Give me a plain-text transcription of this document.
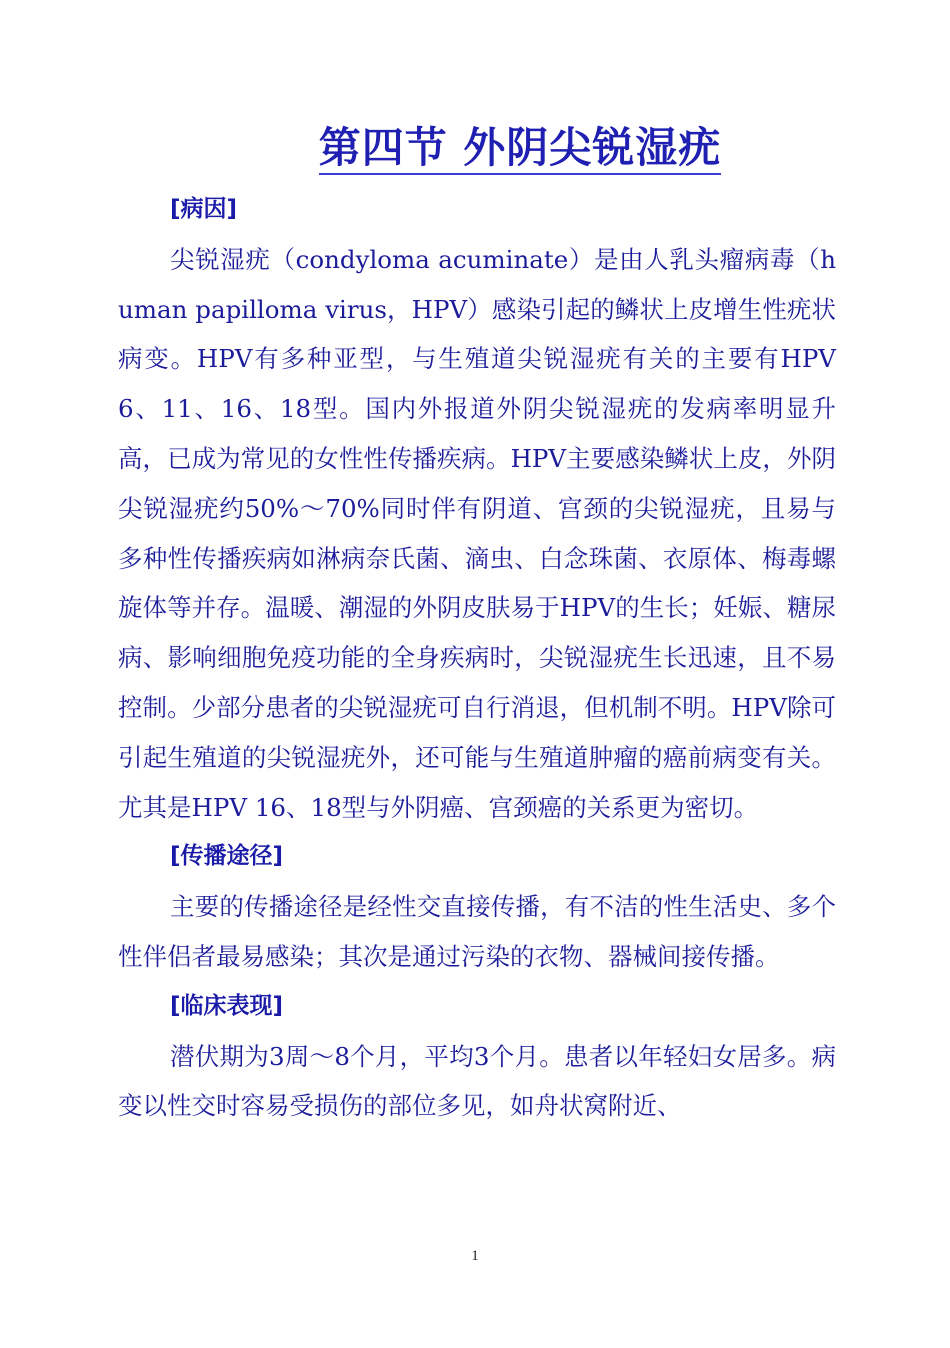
第四节 外阴尖锐湿疣

[病因]

尖锐湿疣（condyloma acuminate）是由人乳头瘤病毒（human papilloma virus，HPV）感染引起的鳞状上皮增生性疣状病变。HPV有多种亚型，与生殖道尖锐湿疣有关的主要有HPV 6、11、16、18型。国内外报道外阴尖锐湿疣的发病率明显升高，已成为常见的女性性传播疾病。HPV主要感染鳞状上皮，外阴尖锐湿疣约50%～70%同时伴有阴道、宫颈的尖锐湿疣，且易与多种性传播疾病如淋病奈氏菌、滴虫、白念珠菌、衣原体、梅毒螺旋体等并存。温暖、潮湿的外阴皮肤易于HPV的生长；妊娠、糖尿病、影响细胞免疫功能的全身疾病时，尖锐湿疣生长迅速，且不易控制。少部分患者的尖锐湿疣可自行消退，但机制不明。HPV除可引起生殖道的尖锐湿疣外，还可能与生殖道肿瘤的癌前病变有关。尤其是HPV 16、18型与外阴癌、宫颈癌的关系更为密切。

[传播途径]

主要的传播途径是经性交直接传播，有不洁的性生活史、多个性伴侣者最易感染；其次是通过污染的衣物、器械间接传播。

[临床表现]

潜伏期为3周～8个月，平均3个月。患者以年轻妇女居多。病变以性交时容易受损伤的部位多见，如舟状窝附近、

1
